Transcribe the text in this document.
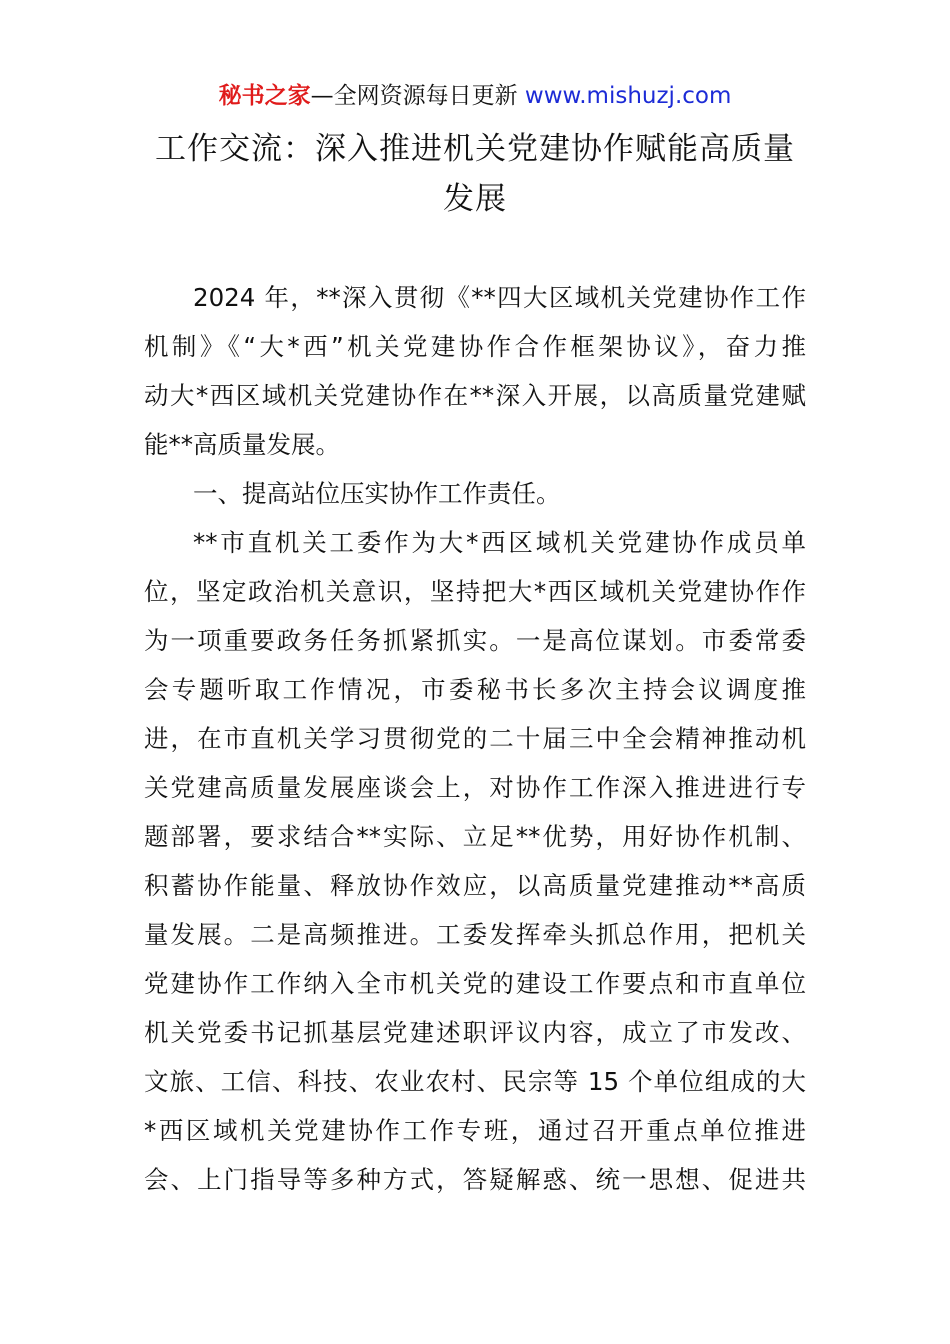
秘书之家—全网资源每日更新 www.mishuzj.com
工作交流：深入推进机关党建协作赋能高质量
发展
2024 年，**深入贯彻《**四大区域机关党建协作工作
机制》《“大*西”机关党建协作合作框架协议》，奋力推
动大*西区域机关党建协作在**深入开展，以高质量党建赋
能**高质量发展。
一、提高站位压实协作工作责任。
**市直机关工委作为大*西区域机关党建协作成员单
位，坚定政治机关意识，坚持把大*西区域机关党建协作作
为一项重要政务任务抓紧抓实。一是高位谋划。市委常委
会专题听取工作情况，市委秘书长多次主持会议调度推
进，在市直机关学习贯彻党的二十届三中全会精神推动机
关党建高质量发展座谈会上，对协作工作深入推进进行专
题部署，要求结合**实际、立足**优势，用好协作机制、
积蓄协作能量、释放协作效应，以高质量党建推动**高质
量发展。二是高频推进。工委发挥牵头抓总作用，把机关
党建协作工作纳入全市机关党的建设工作要点和市直单位
机关党委书记抓基层党建述职评议内容，成立了市发改、
文旅、工信、科技、农业农村、民宗等 15 个单位组成的大
*西区域机关党建协作工作专班，通过召开重点单位推进
会、上门指导等多种方式，答疑解惑、统一思想、促进共
